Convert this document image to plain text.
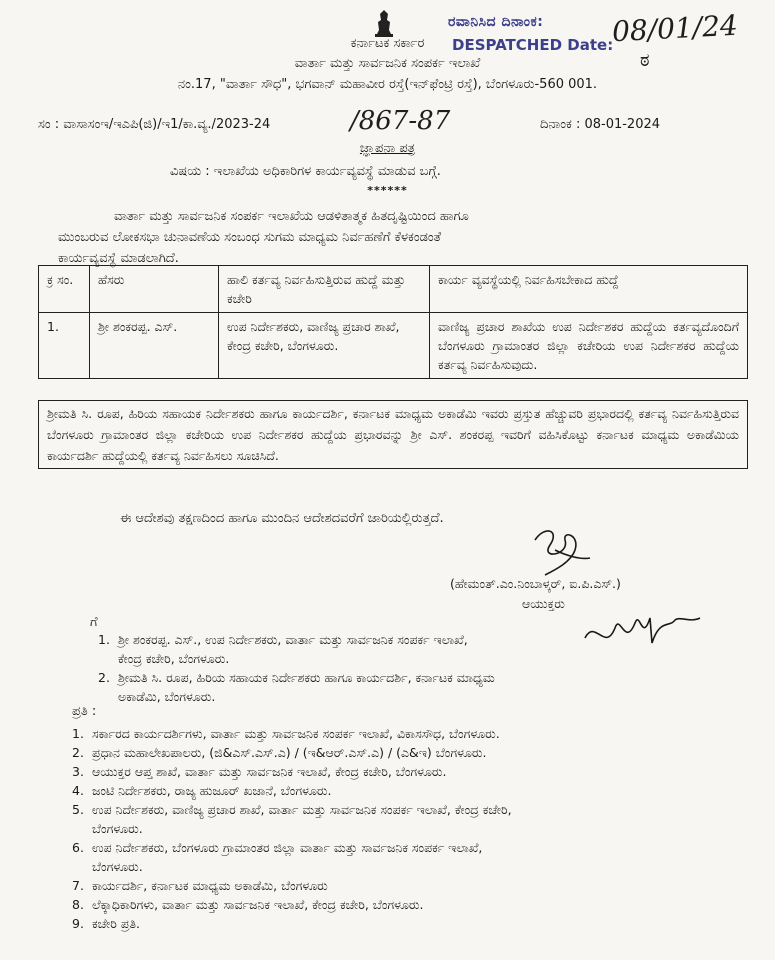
ರವಾನಿಸಿದ ದಿನಾಂಕ:
DESPATCHED Date:
08/01/24
ಠ
ಕರ್ನಾಟಕ ಸರ್ಕಾರ
ವಾರ್ತಾ ಮತ್ತು ಸಾರ್ವಜನಿಕ ಸಂಪರ್ಕ ಇಲಾಖೆ
ನಂ.17, "ವಾರ್ತಾ ಸೌಧ", ಭಗವಾನ್ ಮಹಾವೀರ ರಸ್ತೆ(ಇನ್‌ಫೆಂಟ್ರಿ ರಸ್ತೆ), ಬೆಂಗಳೂರು-560 001.
ಸಂ : ವಾಸಾಸಂಇ/ಇಎಪಿ(ಜಿ)/ಇ1/ಕಾ.ವ್ಯ./2023-24	/867-87	ದಿನಾಂಕ : 08-01-2024
ಜ್ಞಾಪನಾ ಪತ್ರ
ವಿಷಯ : ಇಲಾಖೆಯ ಅಧಿಕಾರಿಗಳ ಕಾರ್ಯವ್ಯವಸ್ಥೆ ಮಾಡುವ ಬಗ್ಗೆ.
******

ವಾರ್ತಾ ಮತ್ತು ಸಾರ್ವಜನಿಕ ಸಂಪರ್ಕ ಇಲಾಖೆಯ ಆಡಳಿತಾತ್ಮಕ ಹಿತದೃಷ್ಟಿಯಿಂದ ಹಾಗೂ

ಮುಂಬರುವ ಲೋಕಸಭಾ ಚುನಾವಣೆಯ ಸಂಬಂಧ ಸುಗಮ ಮಾಧ್ಯಮ ನಿರ್ವಹಣೆಗೆ ಕೆಳಕಂಡಂತೆ

ಕಾರ್ಯವ್ಯವಸ್ಥೆ ಮಾಡಲಾಗಿದೆ.

ಕ್ರ ಸಂ.	ಹೆಸರು	ಹಾಲಿ ಕರ್ತವ್ಯ ನಿರ್ವಹಿಸುತ್ತಿರುವ ಹುದ್ದೆ ಮತ್ತು ಕಚೇರಿ	ಕಾರ್ಯ ವ್ಯವಸ್ಥೆಯಲ್ಲಿ ನಿರ್ವಹಿಸಬೇಕಾದ ಹುದ್ದೆ
1.	ಶ್ರೀ ಶಂಕರಪ್ಪ. ಎಸ್.	ಉಪ ನಿರ್ದೇಶಕರು, ವಾಣಿಜ್ಯ ಪ್ರಚಾರ ಶಾಖೆ, ಕೇಂದ್ರ ಕಚೇರಿ, ಬೆಂಗಳೂರು.	ವಾಣಿಜ್ಯ ಪ್ರಚಾರ ಶಾಖೆಯ ಉಪ ನಿರ್ದೇಶಕರ ಹುದ್ದೆಯ ಕರ್ತವ್ಯದೊಂದಿಗೆ ಬೆಂಗಳೂರು ಗ್ರಾಮಾಂತರ ಜಿಲ್ಲಾ ಕಚೇರಿಯ ಉಪ ನಿರ್ದೇಶಕರ ಹುದ್ದೆಯ ಕರ್ತವ್ಯ ನಿರ್ವಹಿಸುವುದು.
ಶ್ರೀಮತಿ ಸಿ. ರೂಪ, ಹಿರಿಯ ಸಹಾಯಕ ನಿರ್ದೇಶಕರು ಹಾಗೂ ಕಾರ್ಯದರ್ಶಿ, ಕರ್ನಾಟಕ ಮಾಧ್ಯಮ ಅಕಾಡೆಮಿ ಇವರು ಪ್ರಸ್ತುತ ಹೆಚ್ಚುವರಿ ಪ್ರಭಾರದಲ್ಲಿ ಕರ್ತವ್ಯ ನಿರ್ವಹಿಸುತ್ತಿರುವ ಬೆಂಗಳೂರು ಗ್ರಾಮಾಂತರ ಜಿಲ್ಲಾ ಕಚೇರಿಯ ಉಪ ನಿರ್ದೇಶಕರ ಹುದ್ದೆಯ ಪ್ರಭಾರವನ್ನು ಶ್ರೀ ಎಸ್. ಶಂಕರಪ್ಪ ಇವರಿಗೆ ವಹಿಸಿಕೊಟ್ಟು ಕರ್ನಾಟಕ ಮಾಧ್ಯಮ ಅಕಾಡೆಮಿಯ ಕಾರ್ಯದರ್ಶಿ ಹುದ್ದೆಯಲ್ಲಿ ಕರ್ತವ್ಯ ನಿರ್ವಹಿಸಲು ಸೂಚಿಸಿದೆ.
ಈ ಆದೇಶವು ತಕ್ಷಣದಿಂದ ಹಾಗೂ ಮುಂದಿನ ಆದೇಶದವರೆಗೆ ಜಾರಿಯಲ್ಲಿರುತ್ತದೆ.
(ಹೇಮಂತ್.ಎಂ.ನಿಂಬಾಳ್ಕರ್, ಐ.ಪಿ.ಎಸ್.)
ಆಯುಕ್ತರು
ಗೆ
1. ಶ್ರೀ ಶಂಕರಪ್ಪ. ಎಸ್., ಉಪ ನಿರ್ದೇಶಕರು, ವಾರ್ತಾ ಮತ್ತು ಸಾರ್ವಜನಿಕ ಸಂಪರ್ಕ ಇಲಾಖೆ,
ಕೇಂದ್ರ ಕಚೇರಿ, ಬೆಂಗಳೂರು.
2. ಶ್ರೀಮತಿ ಸಿ. ರೂಪ, ಹಿರಿಯ ಸಹಾಯಕ ನಿರ್ದೇಶಕರು ಹಾಗೂ ಕಾರ್ಯದರ್ಶಿ, ಕರ್ನಾಟಕ ಮಾಧ್ಯಮ
ಅಕಾಡೆಮಿ, ಬೆಂಗಳೂರು.
ಪ್ರತಿ :
1. ಸರ್ಕಾರದ ಕಾರ್ಯದರ್ಶಿಗಳು, ವಾರ್ತಾ ಮತ್ತು ಸಾರ್ವಜನಿಕ ಸಂಪರ್ಕ ಇಲಾಖೆ, ವಿಕಾಸಸೌಧ, ಬೆಂಗಳೂರು.
2. ಪ್ರಧಾನ ಮಹಾಲೇಖಪಾಲರು, (ಜಿ&ಎಸ್.ಎಸ್.ಎ) / (ಇ&ಆರ್.ಎಸ್.ಎ) / (ಎ&ಇ) ಬೆಂಗಳೂರು.
3. ಆಯುಕ್ತರ ಆಪ್ತ ಶಾಖೆ, ವಾರ್ತಾ ಮತ್ತು ಸಾರ್ವಜನಿಕ ಇಲಾಖೆ, ಕೇಂದ್ರ ಕಚೇರಿ, ಬೆಂಗಳೂರು.
4. ಜಂಟಿ ನಿರ್ದೇಶಕರು, ರಾಜ್ಯ ಹುಜೂರ್ ಖಜಾನೆ, ಬೆಂಗಳೂರು.
5. ಉಪ ನಿರ್ದೇಶಕರು, ವಾಣಿಜ್ಯ ಪ್ರಚಾರ ಶಾಖೆ, ವಾರ್ತಾ ಮತ್ತು ಸಾರ್ವಜನಿಕ ಸಂಪರ್ಕ ಇಲಾಖೆ, ಕೇಂದ್ರ ಕಚೇರಿ,
ಬೆಂಗಳೂರು.
6. ಉಪ ನಿರ್ದೇಶಕರು, ಬೆಂಗಳೂರು ಗ್ರಾಮಾಂತರ ಜಿಲ್ಲಾ ವಾರ್ತಾ ಮತ್ತು ಸಾರ್ವಜನಿಕ ಸಂಪರ್ಕ ಇಲಾಖೆ,
ಬೆಂಗಳೂರು.
7. ಕಾರ್ಯದರ್ಶಿ, ಕರ್ನಾಟಕ ಮಾಧ್ಯಮ ಅಕಾಡೆಮಿ, ಬೆಂಗಳೂರು
8. ಲೆಕ್ಕಾಧಿಕಾರಿಗಳು, ವಾರ್ತಾ ಮತ್ತು ಸಾರ್ವಜನಿಕ ಇಲಾಖೆ, ಕೇಂದ್ರ ಕಚೇರಿ, ಬೆಂಗಳೂರು.
9. ಕಚೇರಿ ಪ್ರತಿ.
